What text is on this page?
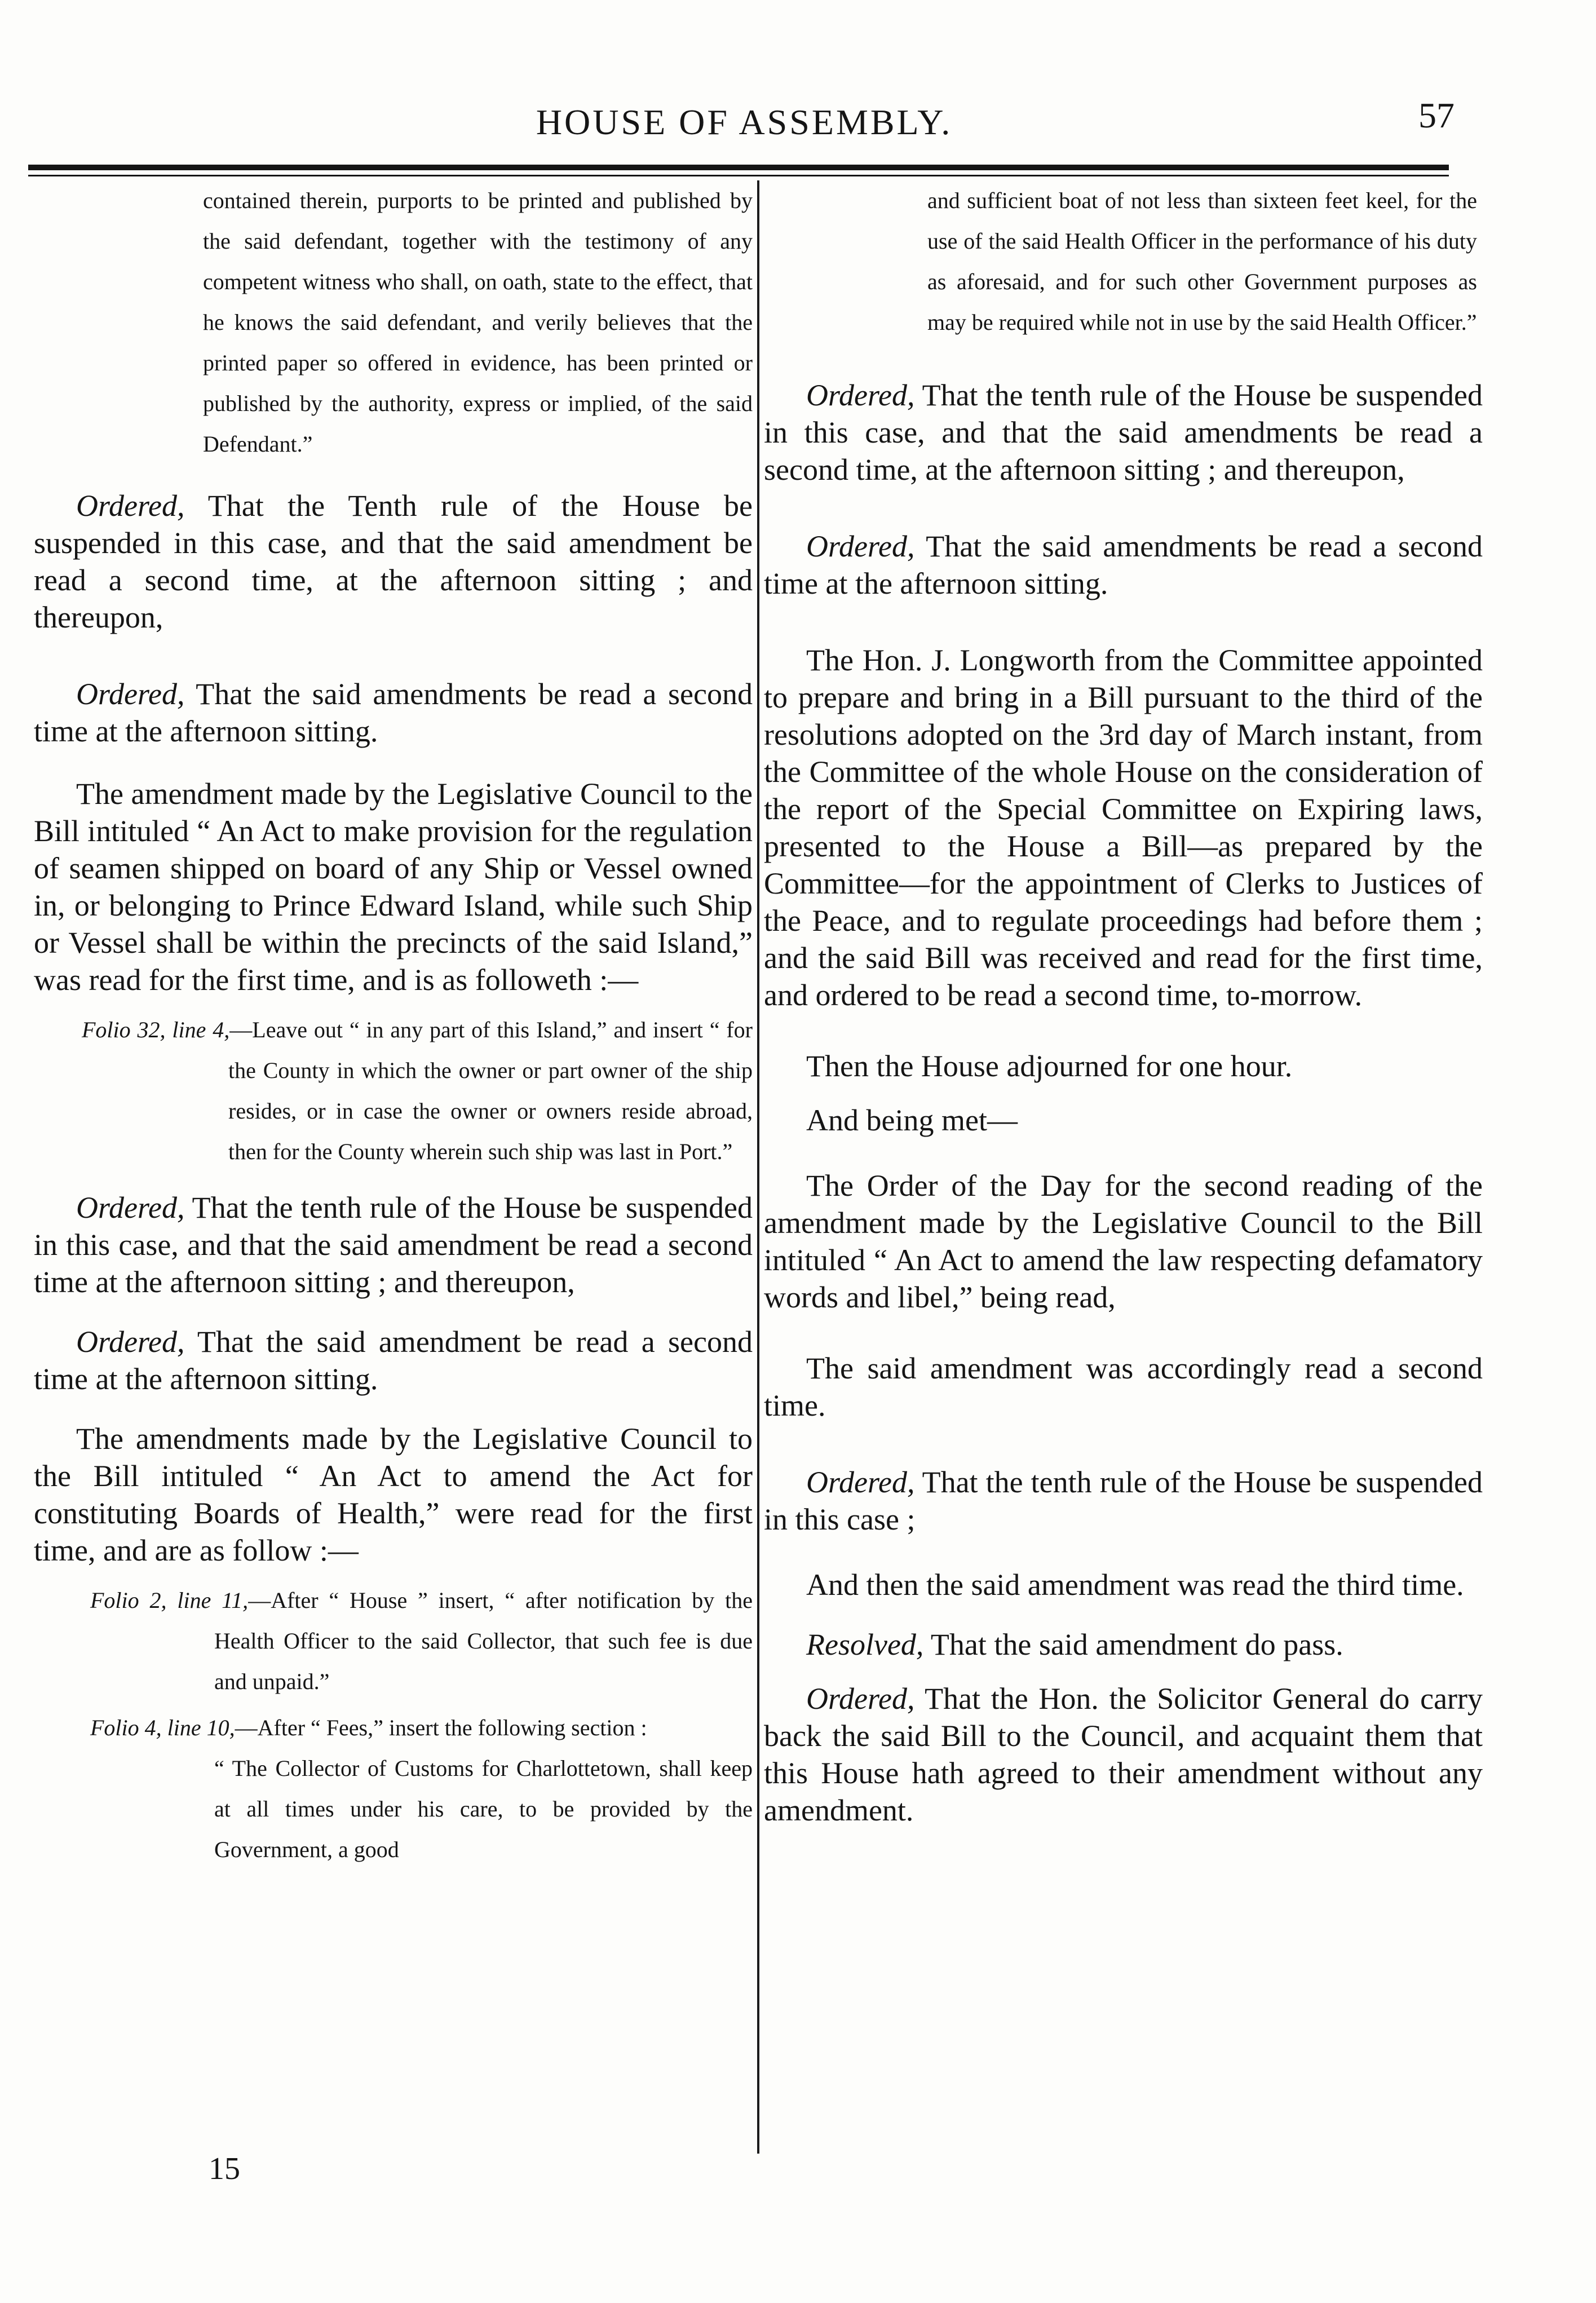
HOUSE OF ASSEMBLY.	57

contained therein, purports to be printed and published by the said defendant, together with the testimony of any competent witness who shall, on oath, state to the effect, that he knows the said defendant, and verily believes that the printed paper so offered in evidence, has been printed or published by the authority, express or implied, of the said Defendant.”

Ordered, That the Tenth rule of the House be suspended in this case, and that the said amendment be read a second time, at the afternoon sitting ; and thereupon,

Ordered, That the said amendments be read a second time at the afternoon sitting.

The amendment made by the Legislative Council to the Bill intituled “ An Act to make provision for the regulation of seamen shipped on board of any Ship or Vessel owned in, or belonging to Prince Edward Island, while such Ship or Vessel shall be within the precincts of the said Island,” was read for the first time, and is as followeth :—

Folio 32, line 4,—Leave out “ in any part of this Island,” and insert “ for the County in which the owner or part owner of the ship resides, or in case the owner or owners reside abroad, then for the County wherein such ship was last in Port.”

Ordered, That the tenth rule of the House be suspended in this case, and that the said amendment be read a second time at the afternoon sitting ; and thereupon,

Ordered, That the said amendment be read a second time at the afternoon sitting.

The amendments made by the Legislative Council to the Bill intituled “ An Act to amend the Act for constituting Boards of Health,” were read for the first time, and are as follow :—

Folio 2, line 11,—After “ House ” insert, “ after notification by the Health Officer to the said Collector, that such fee is due and unpaid.”

Folio 4, line 10,—After “ Fees,” insert the following section :

“ The Collector of Customs for Charlottetown, shall keep at all times under his care, to be provided by the Government, a good

and sufficient boat of not less than sixteen feet keel, for the use of the said Health Officer in the performance of his duty as aforesaid, and for such other Government purposes as may be required while not in use by the said Health Officer.”

Ordered, That the tenth rule of the House be suspended in this case, and that the said amendments be read a second time, at the afternoon sitting ; and thereupon,

Ordered, That the said amendments be read a second time at the afternoon sitting.

The Hon. J. Longworth from the Committee appointed to prepare and bring in a Bill pursuant to the third of the resolutions adopted on the 3rd day of March instant, from the Committee of the whole House on the consideration of the report of the Special Committee on Expiring laws, presented to the House a Bill—as prepared by the Committee—for the appointment of Clerks to Justices of the Peace, and to regulate proceedings had before them ; and the said Bill was received and read for the first time, and ordered to be read a second time, to-morrow.

Then the House adjourned for one hour.

And being met—

The Order of the Day for the second reading of the amendment made by the Legislative Council to the Bill intituled “ An Act to amend the law respecting defamatory words and libel,” being read,

The said amendment was accordingly read a second time.

Ordered, That the tenth rule of the House be suspended in this case ;

And then the said amendment was read the third time.

Resolved, That the said amendment do pass.

Ordered, That the Hon. the Solicitor General do carry back the said Bill to the Council, and acquaint them that this House hath agreed to their amendment without any amendment.

15
